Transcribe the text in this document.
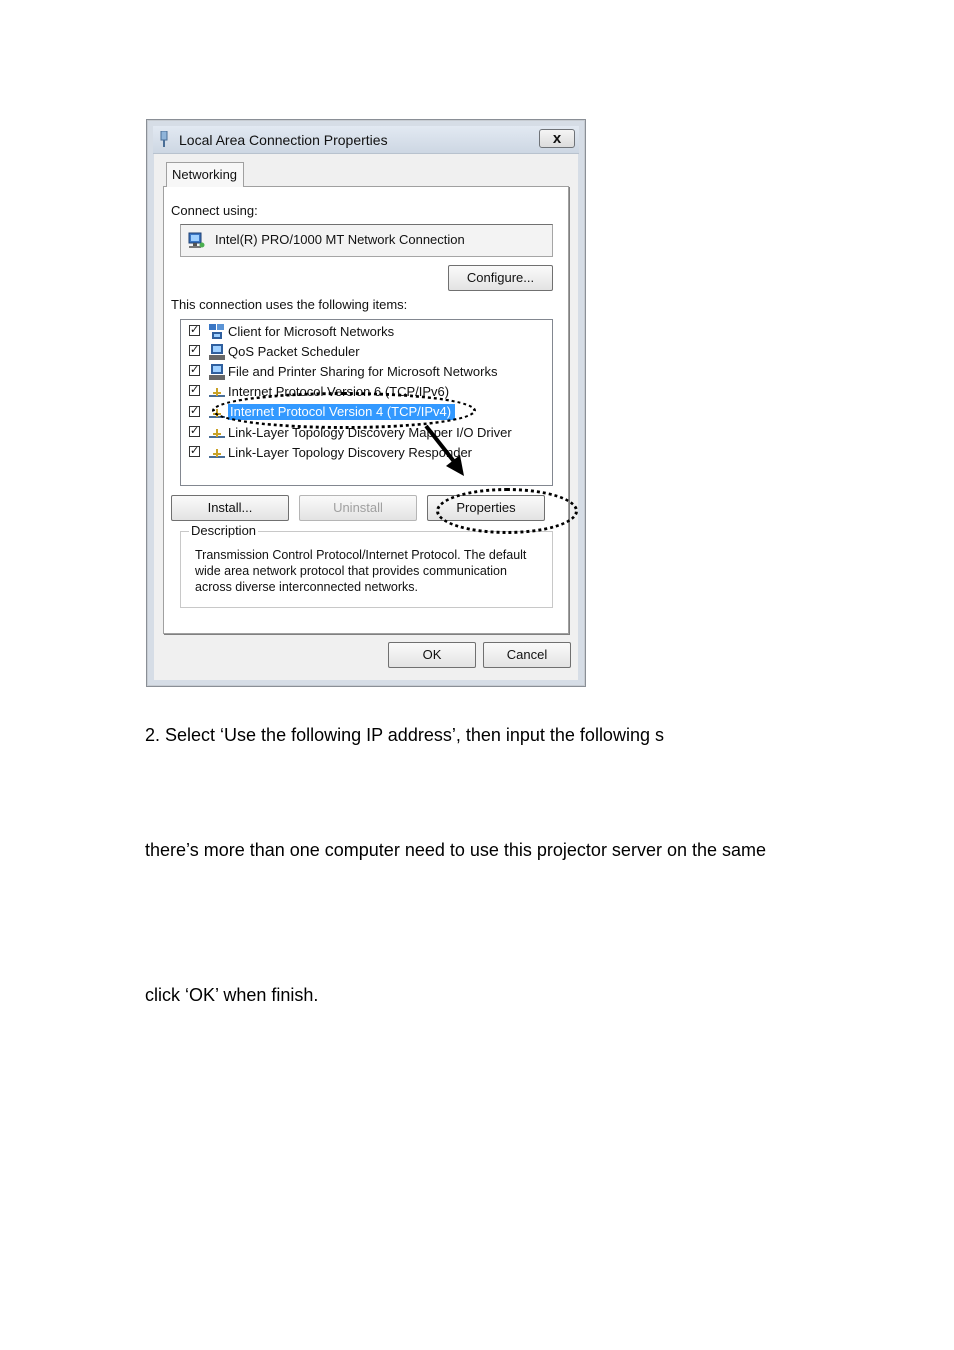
Local Area Connection Properties	x
Networking
Connect using:
Intel(R) PRO/1000 MT Network Connection
Configure...
This connection uses the following items:
✓ Client for Microsoft Networks
✓ QoS Packet Scheduler
✓ File and Printer Sharing for Microsoft Networks
✓ Internet Protocol Version 6 (TCP/IPv6)
✓ Internet Protocol Version 4 (TCP/IPv4)
✓ Link-Layer Topology Discovery Mapper I/O Driver
✓ Link-Layer Topology Discovery Responder
Install...	Uninstall	Properties
Description
Transmission Control Protocol/Internet Protocol. The default wide area network protocol that provides communication across diverse interconnected networks.
OK	Cancel
2. Select ‘Use the following IP address’, then input the following s
there’s more than one computer need to use this projector server on the same
click ‘OK’ when finish.
